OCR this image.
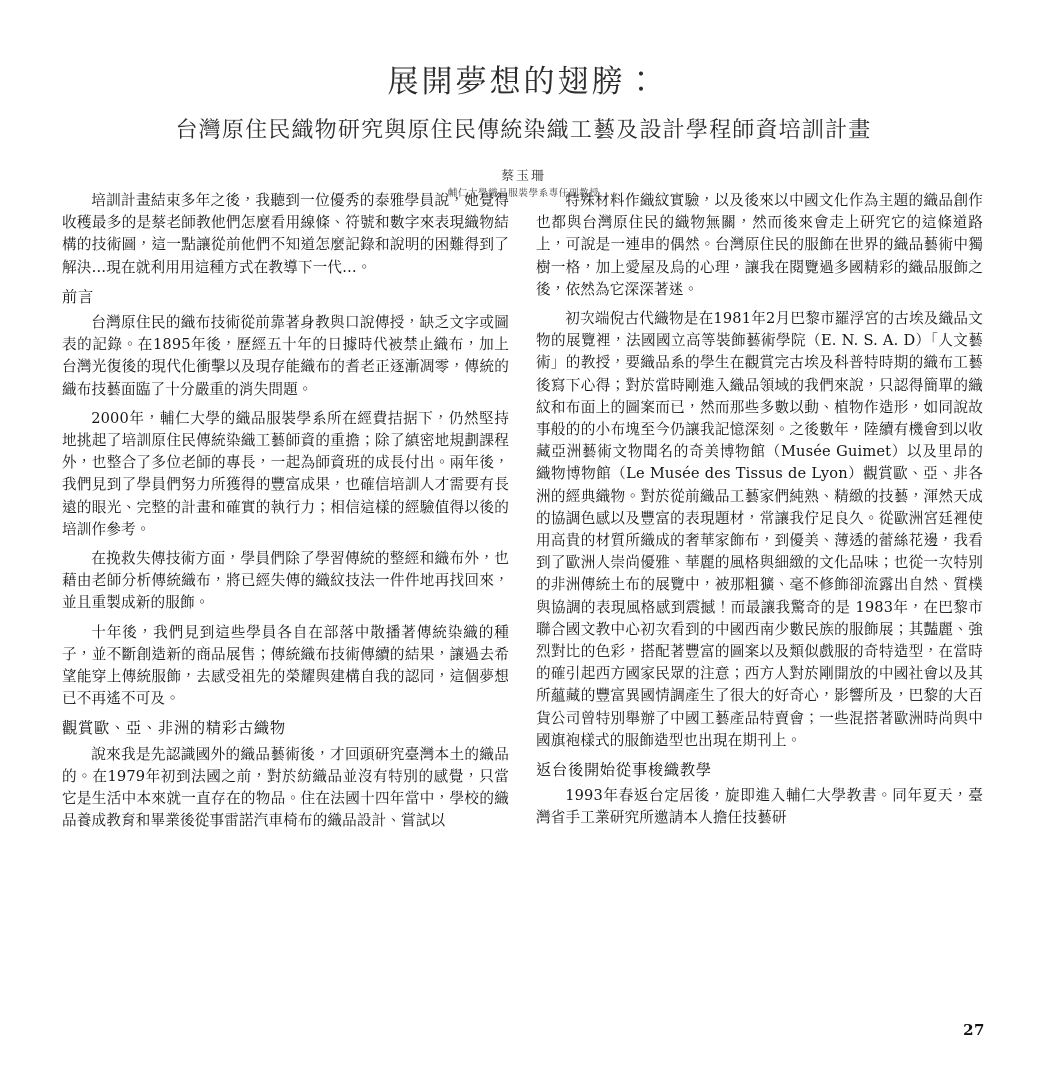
展開夢想的翅膀：
台灣原住民織物研究與原住民傳統染織工藝及設計學程師資培訓計畫

蔡玉珊

輔仁大學織品服裝學系專任副教授

培訓計畫結束多年之後，我聽到一位優秀的泰雅學員說，她覺得收穫最多的是蔡老師教他們怎麼看用線條、符號和數字來表現織物結構的技術圖，這一點讓從前他們不知道怎麼記錄和說明的困難得到了解決…現在就利用用這種方式在教導下一代…。

前言

台灣原住民的織布技術從前靠著身教與口說傳授，缺乏文字或圖表的記錄。在1895年後，歷經五十年的日據時代被禁止織布，加上台灣光復後的現代化衝擊以及現存能織布的耆老正逐漸凋零，傳統的織布技藝面臨了十分嚴重的消失問題。

2000年，輔仁大學的織品服裝學系所在經費拮据下，仍然堅持地挑起了培訓原住民傳統染織工藝師資的重擔；除了縝密地規劃課程外，也整合了多位老師的專長，一起為師資班的成長付出。兩年後，我們見到了學員們努力所獲得的豐富成果，也確信培訓人才需要有長遠的眼光、完整的計畫和確實的執行力；相信這樣的經驗值得以後的培訓作參考。

在挽救失傳技術方面，學員們除了學習傳統的整經和織布外，也藉由老師分析傳統織布，將已經失傳的織紋技法一件件地再找回來，並且重製成新的服飾。

十年後，我們見到這些學員各自在部落中散播著傳統染織的種子，並不斷創造新的商品展售；傳統織布技術傳續的結果，讓過去希望能穿上傳統服飾，去感受祖先的榮耀與建構自我的認同，這個夢想已不再遙不可及。

觀賞歐、亞、非洲的精彩古織物

說來我是先認識國外的織品藝術後，才回頭研究臺灣本土的織品的。在1979年初到法國之前，對於紡織品並沒有特別的感覺，只當它是生活中本來就一直存在的物品。住在法國十四年當中，學校的織品養成教育和畢業後從事雷諾汽車椅布的織品設計、嘗試以

特殊材料作織紋實驗，以及後來以中國文化作為主題的織品創作也都與台灣原住民的織物無關，然而後來會走上研究它的這條道路上，可說是一連串的偶然。台灣原住民的服飾在世界的織品藝術中獨樹一格，加上愛屋及烏的心理，讓我在閱覽過多國精彩的織品服飾之後，依然為它深深著迷。

初次端倪古代織物是在1981年2月巴黎市羅浮宮的古埃及織品文物的展覽裡，法國國立高等裝飾藝術學院（E. N. S. A. D）「人文藝術」的教授，要織品系的學生在觀賞完古埃及科普特時期的織布工藝後寫下心得；對於當時剛進入織品領域的我們來說，只認得簡單的織紋和布面上的圖案而已，然而那些多數以動、植物作造形，如同說故事般的的小布塊至今仍讓我記憶深刻。之後數年，陸續有機會到以收藏亞洲藝術文物聞名的奇美博物館（Musée Guimet）以及里昂的織物博物館（Le Musée des Tissus de Lyon）觀賞歐、亞、非各洲的經典織物。對於從前織品工藝家們純熟、精緻的技藝，渾然天成的協調色感以及豐富的表現題材，常讓我佇足良久。從歐洲宮廷裡使用高貴的材質所織成的奢華家飾布，到優美、薄透的蕾絲花邊，我看到了歐洲人崇尚優雅、華麗的風格與細緻的文化品味；也從一次特別的非洲傳統土布的展覽中，被那粗獷、毫不修飾卻流露出自然、質樸與協調的表現風格感到震撼！而最讓我驚奇的是 1983年，在巴黎市聯合國文教中心初次看到的中國西南少數民族的服飾展；其豔麗、強烈對比的色彩，搭配著豐富的圖案以及類似戲服的奇特造型，在當時的確引起西方國家民眾的注意；西方人對於剛開放的中國社會以及其所蘊藏的豐富異國情調產生了很大的好奇心，影響所及，巴黎的大百貨公司曾特別舉辦了中國工藝產品特賣會；一些混搭著歐洲時尚與中國旗袍樣式的服飾造型也出現在期刊上。

返台後開始從事梭織教學

1993年春返台定居後，旋即進入輔仁大學教書。同年夏天，臺灣省手工業研究所邀請本人擔任技藝研

27
